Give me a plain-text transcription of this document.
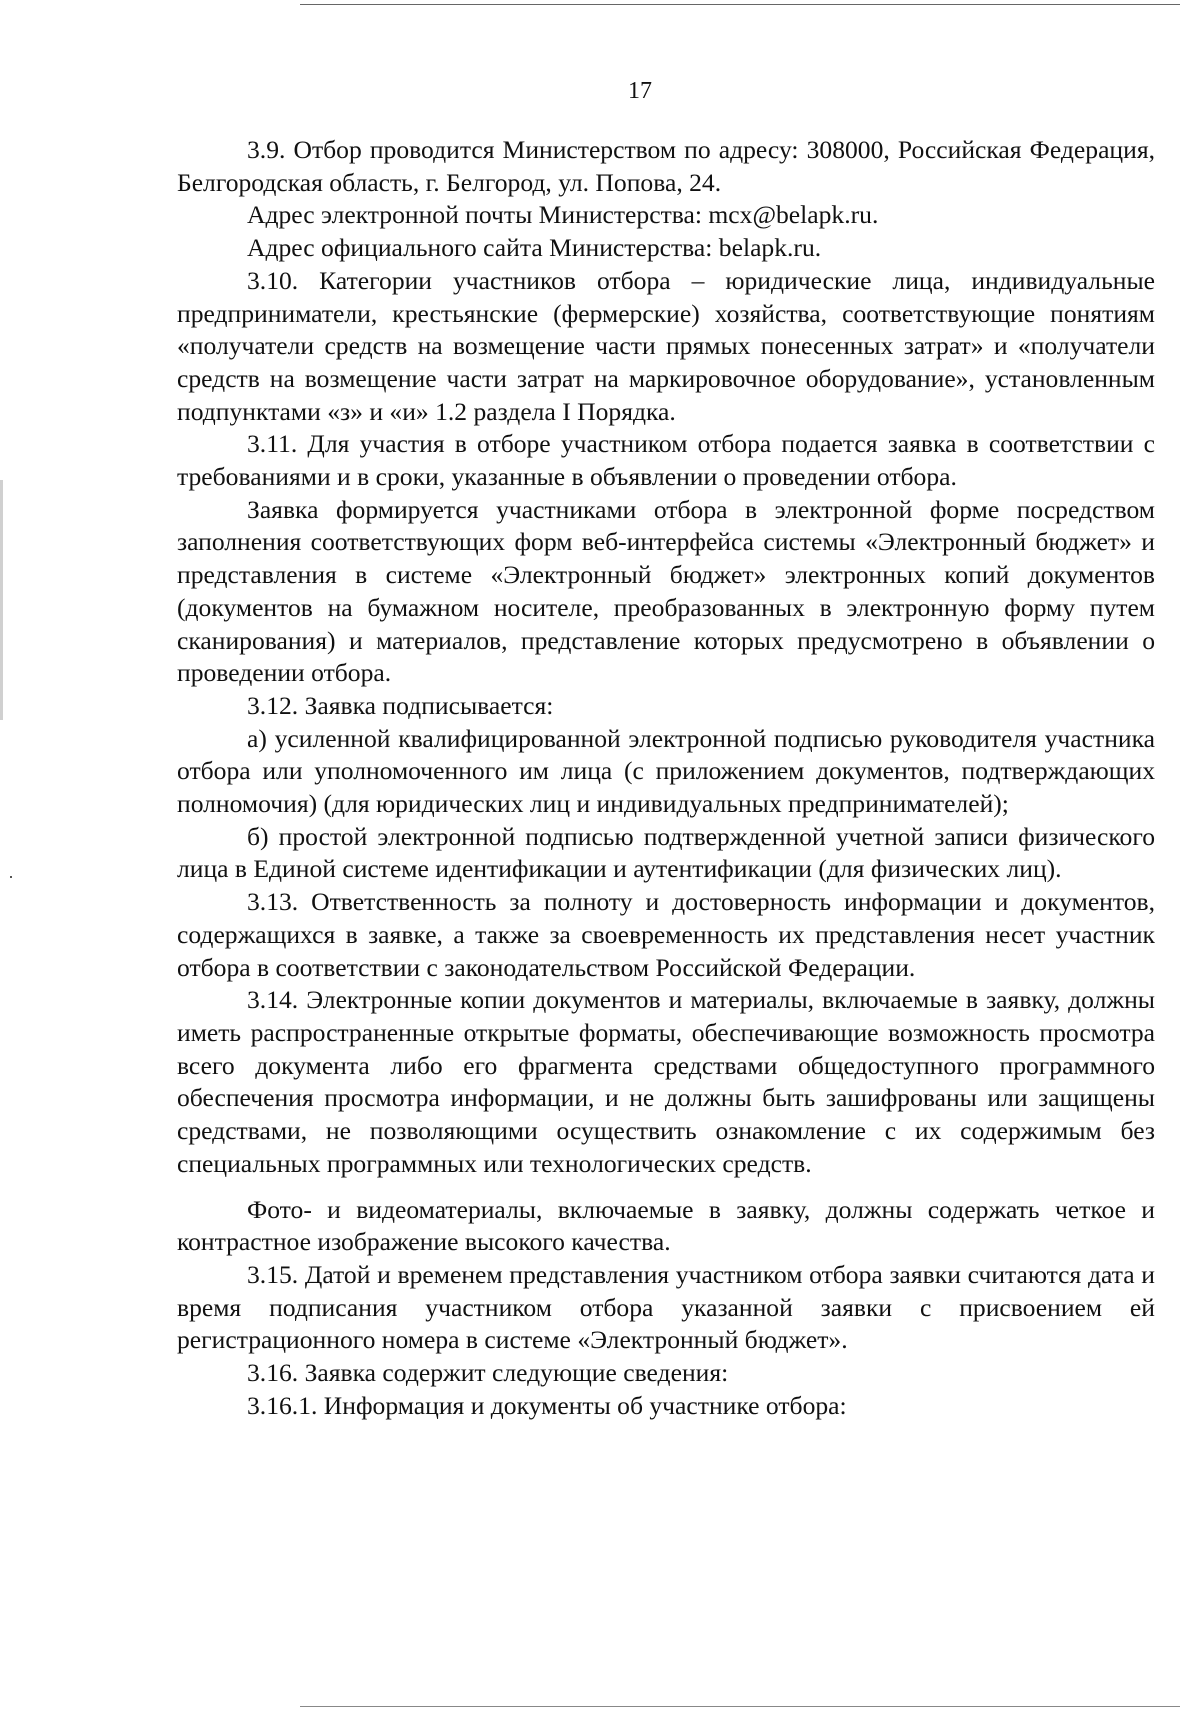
17

3.9. Отбор проводится Министерством по адресу: 308000, Российская Федерация, Белгородская область, г. Белгород, ул. Попова, 24.

Адрес электронной почты Министерства: mcx@belapk.ru.

Адрес официального сайта Министерства: belapk.ru.

3.10. Категории участников отбора – юридические лица, индивидуальные предприниматели, крестьянские (фермерские) хозяйства, соответствующие понятиям «получатели средств на возмещение части прямых понесенных затрат» и «получатели средств на возмещение части затрат на маркировочное оборудование», установленным подпунктами «з» и «и» 1.2 раздела I Порядка.

3.11. Для участия в отборе участником отбора подается заявка в соответствии с требованиями и в сроки, указанные в объявлении о проведении отбора.

Заявка формируется участниками отбора в электронной форме посредством заполнения соответствующих форм веб-интерфейса системы «Электронный бюджет» и представления в системе «Электронный бюджет» электронных копий документов (документов на бумажном носителе, преобразованных в электронную форму путем сканирования) и материалов, представление которых предусмотрено в объявлении о проведении отбора.

3.12. Заявка подписывается:

а) усиленной квалифицированной электронной подписью руководителя участника отбора или уполномоченного им лица (с приложением документов, подтверждающих полномочия) (для юридических лиц и индивидуальных предпринимателей);

б) простой электронной подписью подтвержденной учетной записи физического лица в Единой системе идентификации и аутентификации (для физических лиц).

3.13. Ответственность за полноту и достоверность информации и документов, содержащихся в заявке, а также за своевременность их представления несет участник отбора в соответствии с законодательством Российской Федерации.

3.14. Электронные копии документов и материалы, включаемые в заявку, должны иметь распространенные открытые форматы, обеспечивающие возможность просмотра всего документа либо его фрагмента средствами общедоступного программного обеспечения просмотра информации, и не должны быть зашифрованы или защищены средствами, не позволяющими осуществить ознакомление с их содержимым без специальных программных или технологических средств.

Фото- и видеоматериалы, включаемые в заявку, должны содержать четкое и контрастное изображение высокого качества.

3.15. Датой и временем представления участником отбора заявки считаются дата и время подписания участником отбора указанной заявки с присвоением ей регистрационного номера в системе «Электронный бюджет».

3.16. Заявка содержит следующие сведения:

3.16.1. Информация и документы об участнике отбора:
